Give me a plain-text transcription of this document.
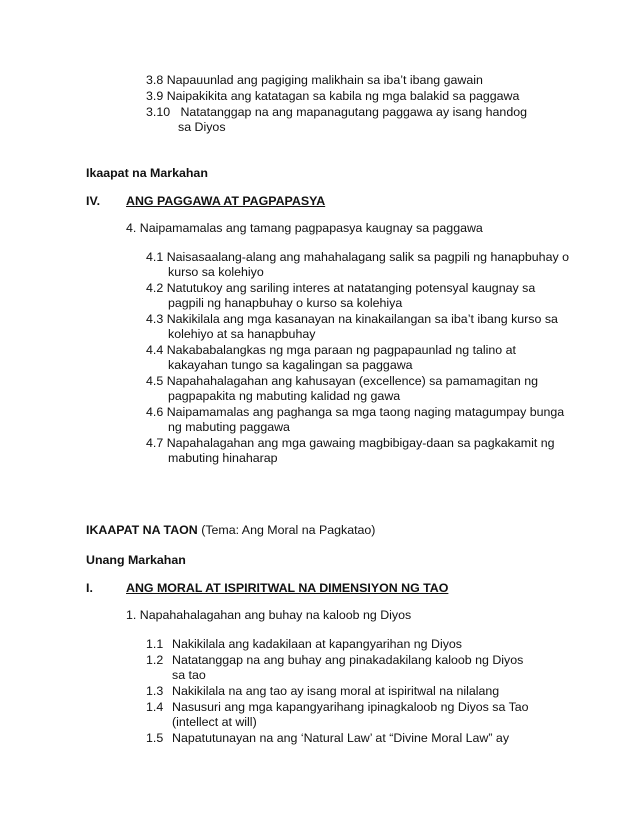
3.8 Napauunlad ang pagiging malikhain sa iba’t ibang gawain
3.9 Naipakikita ang katatagan sa kabila ng mga balakid sa paggawa
3.10 Natatanggap na ang mapanagutang paggawa ay isang handog
sa Diyos
Ikaapat na Markahan
IV. ANG PAGGAWA AT PAGPAPASYA
4. Naipamamalas ang tamang pagpapasya kaugnay sa paggawa
4.1 Naisasaalang-alang ang mahahalagang salik sa pagpili ng hanapbuhay o
kurso sa kolehiyo
4.2 Natutukoy ang sariling interes at natatanging potensyal kaugnay sa
pagpili ng hanapbuhay o kurso sa kolehiya
4.3 Nakikilala ang mga kasanayan na kinakailangan sa iba’t ibang kurso sa
kolehiyo at sa hanapbuhay
4.4 Nakababalangkas ng mga paraan ng pagpapaunlad ng talino at
kakayahan tungo sa kagalingan sa paggawa
4.5 Napahahalagahan ang kahusayan (excellence) sa pamamagitan ng
pagpapakita ng mabuting kalidad ng gawa
4.6 Naipamamalas ang paghanga sa mga taong naging matagumpay bunga
ng mabuting paggawa
4.7 Napahalagahan ang mga gawaing magbibigay-daan sa pagkakamit ng
mabuting hinaharap
IKAAPAT NA TAON (Tema: Ang Moral na Pagkatao)
Unang Markahan
I.	ANG MORAL AT ISPIRITWAL NA DIMENSIYON NG TAO
1. Napahahalagahan ang buhay na kaloob ng Diyos
1.1 Nakikilala ang kadakilaan at kapangyarihan ng Diyos
1.2 Natatanggap na ang buhay ang pinakadakilang kaloob ng Diyos
sa tao
1.3 Nakikilala na ang tao ay isang moral at ispiritwal na nilalang
1.4 Nasusuri ang mga kapangyarihang ipinagkaloob ng Diyos sa Tao
(intellect at will)
1.5 Napatutunayan na ang ‘Natural Law’ at “Divine Moral Law” ay
